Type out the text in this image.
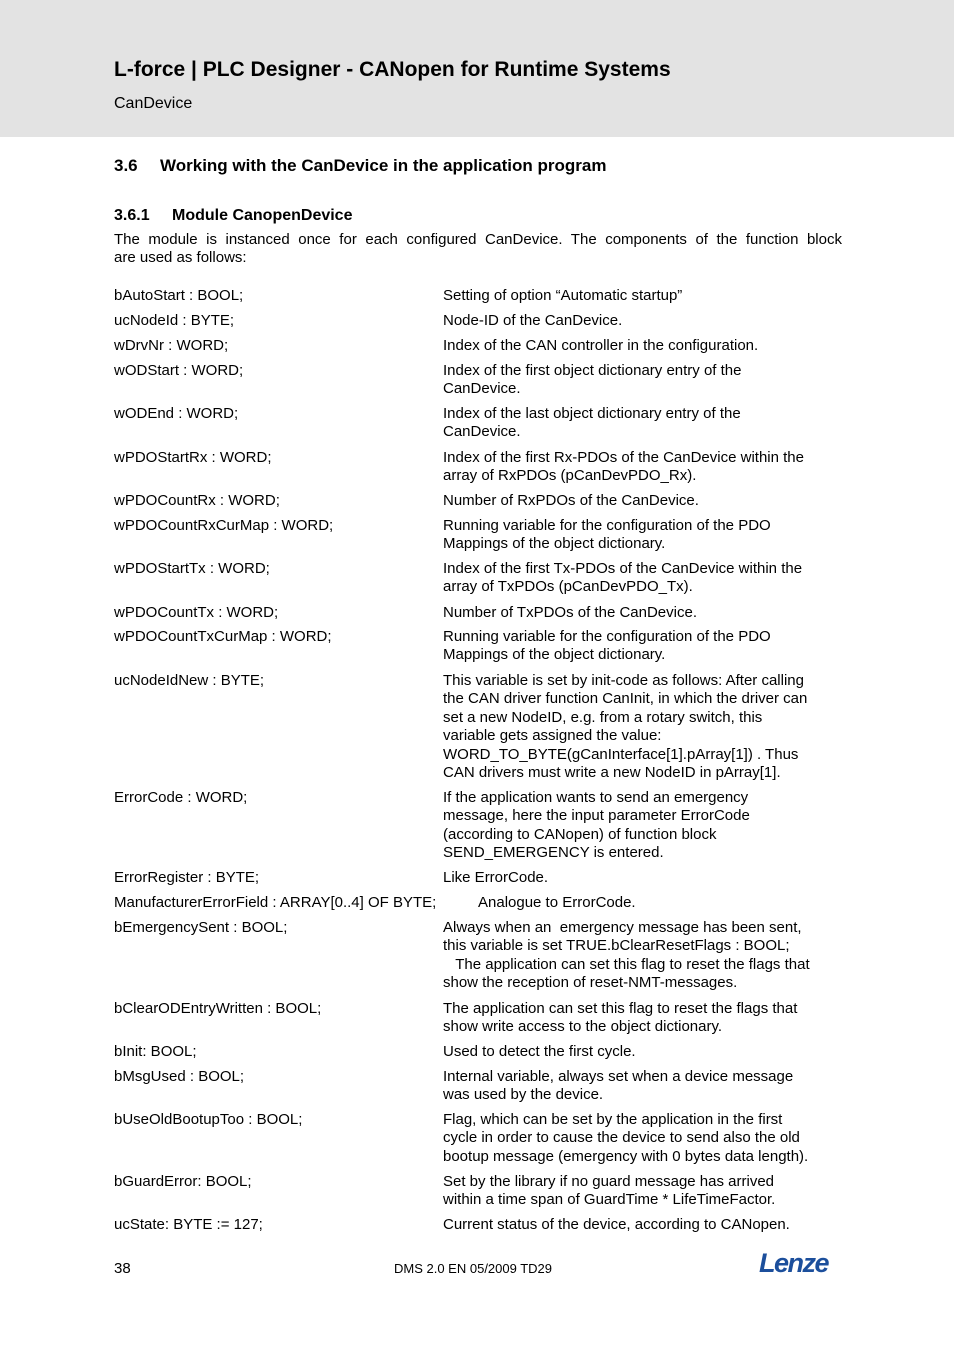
L-force | PLC Designer - CANopen for Runtime Systems
CanDevice
3.6 Working with the CanDevice in the application program
3.6.1 Module CanopenDevice
The module is instanced once for each configured CanDevice. The components of the function block
are used as follows:
bAutoStart : BOOL;	Setting of option “Automatic startup”
ucNodeId : BYTE;	Node-ID of the CanDevice.
wDrvNr : WORD;	Index of the CAN controller in the configuration.
wODStart : WORD;	Index of the first object dictionary entry of the
CanDevice.
wODEnd : WORD;	Index of the last object dictionary entry of the
CanDevice.
wPDOStartRx : WORD;	Index of the first Rx-PDOs of the CanDevice within the
array of RxPDOs (pCanDevPDO_Rx).
wPDOCountRx : WORD;	Number of RxPDOs of the CanDevice.
wPDOCountRxCurMap : WORD;	Running variable for the configuration of the PDO
Mappings of the object dictionary.
wPDOStartTx : WORD;	Index of the first Tx-PDOs of the CanDevice within the
array of TxPDOs (pCanDevPDO_Tx).
wPDOCountTx : WORD;	Number of TxPDOs of the CanDevice.
wPDOCountTxCurMap : WORD;	Running variable for the configuration of the PDO
Mappings of the object dictionary.
ucNodeIdNew : BYTE;	This variable is set by init-code as follows: After calling
the CAN driver function CanInit, in which the driver can
set a new NodeID, e.g. from a rotary switch, this
variable gets assigned the value:
WORD_TO_BYTE(gCanInterface[1].pArray[1]) . Thus
CAN drivers must write a new NodeID in pArray[1].
ErrorCode : WORD;	If the application wants to send an emergency
message, here the input parameter ErrorCode
(according to CANopen) of function block
SEND_EMERGENCY is entered.
ErrorRegister : BYTE;	Like ErrorCode.
ManufacturerErrorField : ARRAY[0..4] OF BYTE;	Analogue to ErrorCode.
bEmergencySent : BOOL;	Always when an  emergency message has been sent,
this variable is set TRUE.bClearResetFlags : BOOL;
The application can set this flag to reset the flags that
show the reception of reset-NMT-messages.
bClearODEntryWritten : BOOL;	The application can set this flag to reset the flags that
show write access to the object dictionary.
bInit: BOOL;	Used to detect the first cycle.
bMsgUsed : BOOL;	Internal variable, always set when a device message
was used by the device.
bUseOldBootupToo : BOOL;	Flag, which can be set by the application in the first
cycle in order to cause the device to send also the old
bootup message (emergency with 0 bytes data length).
bGuardError: BOOL;	Set by the library if no guard message has arrived
within a time span of GuardTime * LifeTimeFactor.
ucState: BYTE := 127;	Current status of the device, according to CANopen.
38	DMS 2.0 EN 05/2009 TD29	Lenze
